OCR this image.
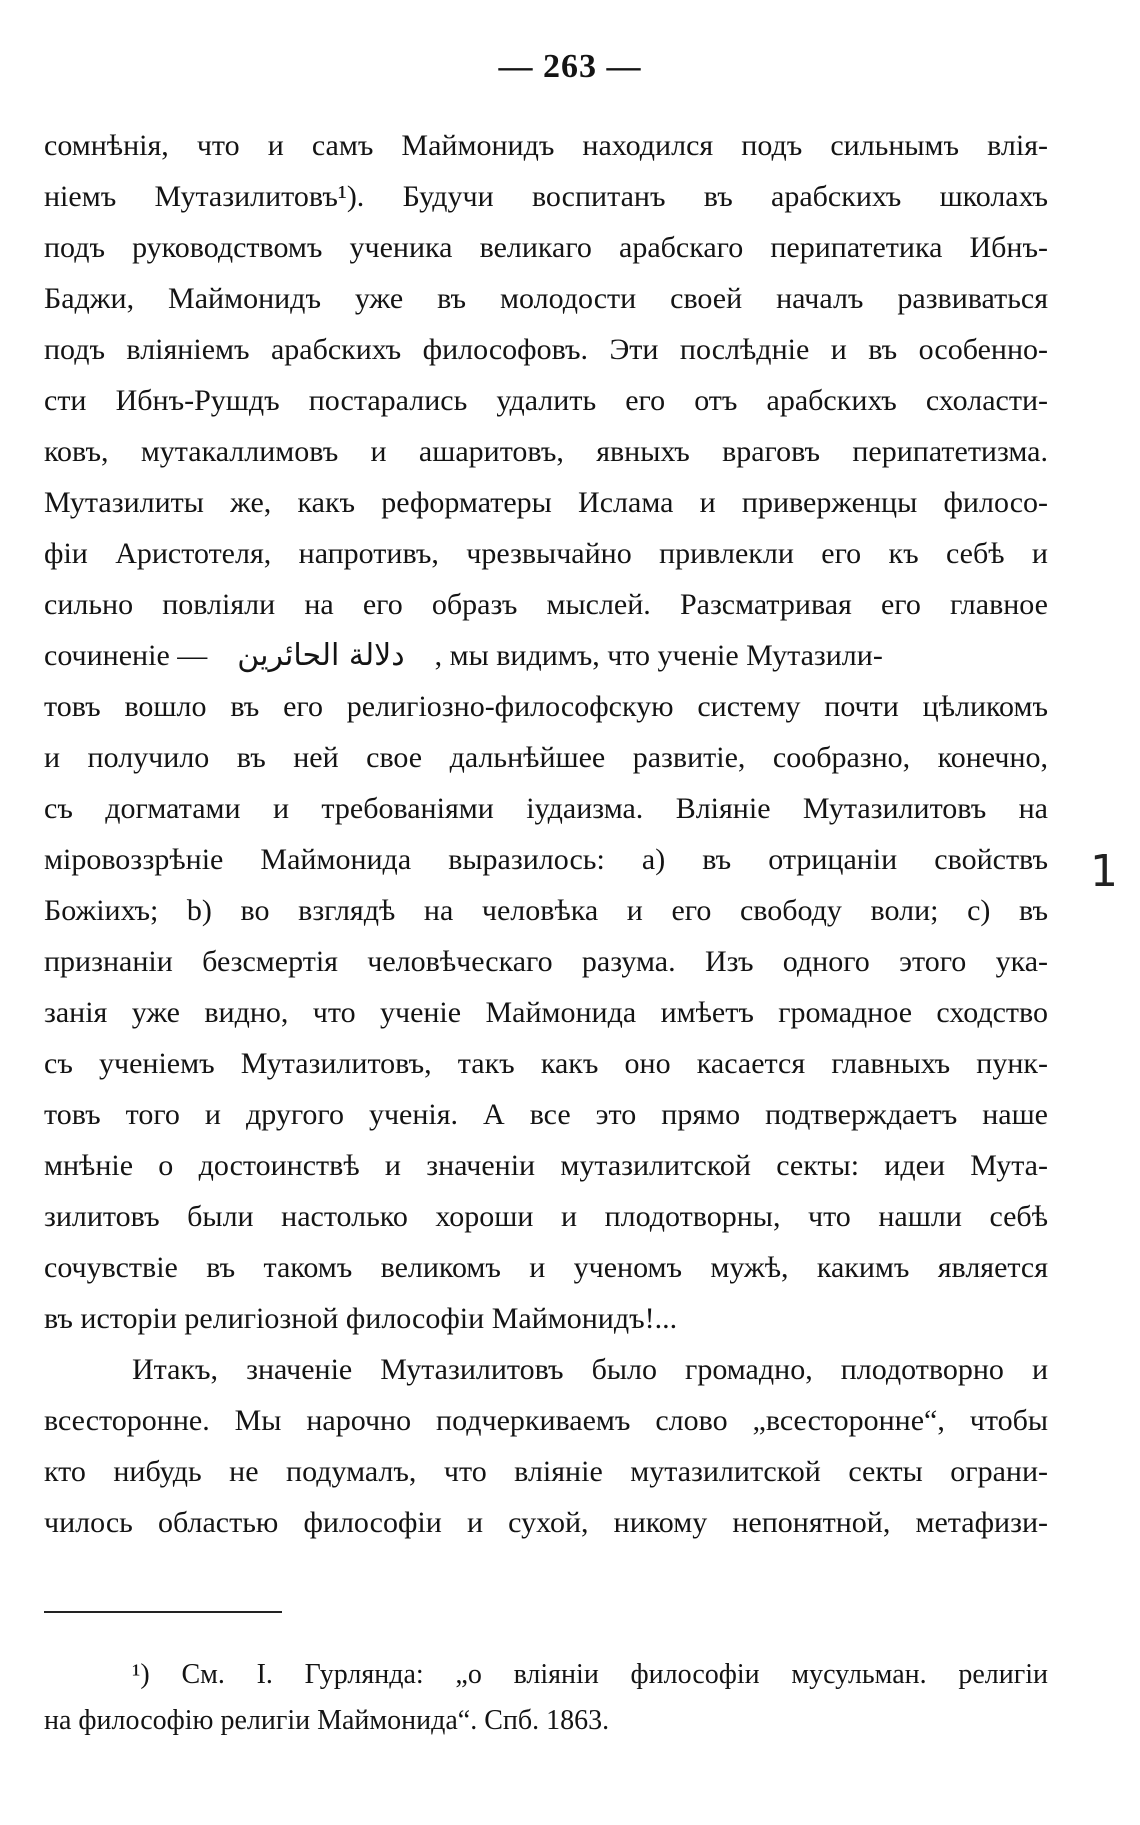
— 263 —
сомнѣнія, что и самъ Маймонидъ находился подъ сильнымъ влія-
ніемъ Мутазилитовъ¹). Будучи воспитанъ въ арабскихъ школахъ
подъ руководствомъ ученика великаго арабскаго перипатетика Ибнъ-
Баджи, Маймонидъ уже въ молодости своей началъ развиваться
подъ вліяніемъ арабскихъ философовъ. Эти послѣдніе и въ особенно-
сти Ибнъ-Рушдъ постарались удалить его отъ арабскихъ схоласти-
ковъ, мутакаллимовъ и ашаритовъ, явныхъ враговъ перипатетизма.
Мутазилиты же, какъ реформатеры Ислама и приверженцы филосо-
фіи Аристотеля, напротивъ, чрезвычайно привлекли его къ себѣ и
сильно повліяли на его образъ мыслей. Разсматривая его главное
сочиненіе — دلالة الحائرين , мы видимъ, что ученіе Мутазили-
товъ вошло въ его религіозно-философскую систему почти цѣликомъ
и получило въ ней свое дальнѣйшее развитіе, сообразно, конечно,
съ догматами и требованіями іудаизма. Вліяніе Мутазилитовъ на
міровоззрѣніе Маймонида выразилось: a) въ отрицаніи свойствъ
Божіихъ; b) во взглядѣ на человѣка и его свободу воли; c) въ
признаніи безсмертія человѣческаго разума. Изъ одного этого ука-
занія уже видно, что ученіе Маймонида имѣетъ громадное сходство
съ ученіемъ Мутазилитовъ, такъ какъ оно касается главныхъ пунк-
товъ того и другого ученія. А все это прямо подтверждаетъ наше
мнѣніе о достоинствѣ и значеніи мутазилитской секты: идеи Мута-
зилитовъ были настолько хороши и плодотворны, что нашли себѣ
сочувствіе въ такомъ великомъ и ученомъ мужѣ, какимъ является
въ исторіи религіозной философіи Маймонидъ!...
Итакъ, значеніе Мутазилитовъ было громадно, плодотворно и
всестороннe. Мы нарочно подчеркиваемъ слово „всестороннe“, чтобы
кто нибудь не подумалъ, что вліяніе мутазилитской секты ограни-
чилось областью философіи и сухой, никому непонятной, метафизи-
1
¹) См. I. Гурлянда: „о вліяніи философіи мусульман. религіи
на философію религіи Маймонида“. Спб. 1863.
